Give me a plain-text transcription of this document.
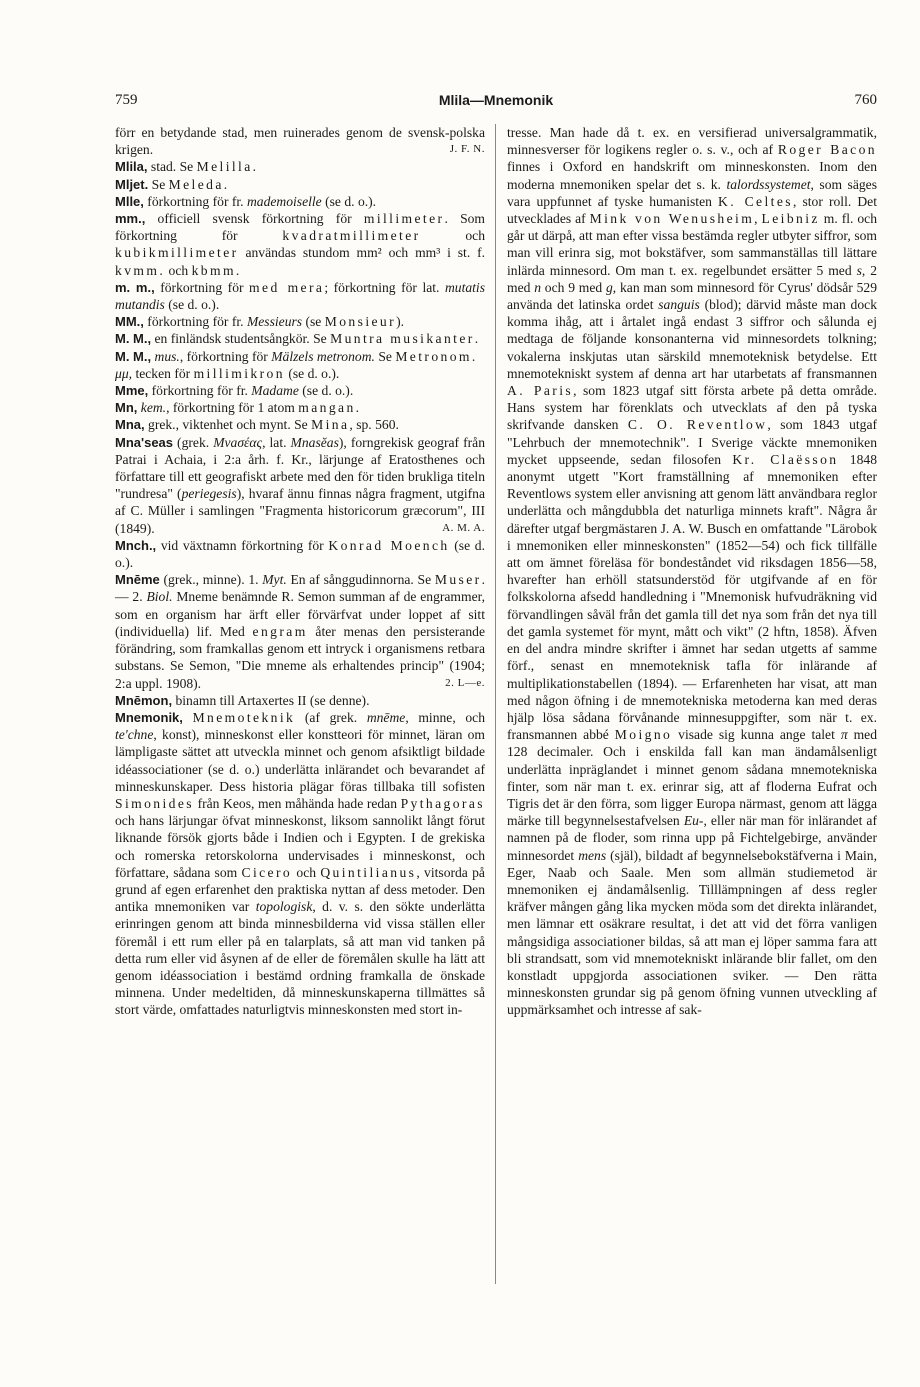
759	Mlila—Mnemonik	760

förr en betydande stad, men ruinerades genom de svensk-polska krigen.	J. F. N.

Mlila, stad. Se Melilla.

Mljet. Se Meleda.

Mlle, förkortning för fr. mademoiselle (se d. o.).

mm., officiell svensk förkortning för millimeter. Som förkortning för kvadratmillimeter och kubikmillimeter användas stundom mm² och mm³ i st. f. kvmm. och kbmm.

m. m., förkortning för med mera; förkortning för lat. mutatis mutandis (se d. o.).

MM., förkortning för fr. Messieurs (se Monsieur).

M. M., en finländsk studentsångkör. Se Muntra musikanter.

M. M., mus., förkortning för Mälzels metronom. Se Metronom.

μμ, tecken för millimikron (se d. o.).

Mme, förkortning för fr. Madame (se d. o.).

Mn, kem., förkortning för 1 atom mangan.

Mna, grek., viktenhet och mynt. Se Mina, sp. 560.

Mna'seas (grek. Mvaσέας, lat. Mnasĕas), forngrekisk geograf från Patrai i Achaia, i 2:a årh. f. Kr., lärjunge af Eratosthenes och författare till ett geografiskt arbete med den för tiden brukliga titeln "rundresa" (periegesis), hvaraf ännu finnas några fragment, utgifna af C. Müller i samlingen "Fragmenta historicorum græcorum", III (1849).	A. M. A.

Mnch., vid växtnamn förkortning för Konrad Moench (se d. o.).

Mnēme (grek., minne). 1. Myt. En af sånggudinnorna. Se Muser. — 2. Biol. Mneme benämnde R. Semon summan af de engrammer, som en organism har ärft eller förvärfvat under loppet af sitt (individuella) lif. Med engram åter menas den persisterande förändring, som framkallas genom ett intryck i organismens retbara substans. Se Semon, "Die mneme als erhaltendes princip" (1904; 2:a uppl. 1908).	2. L—e.

Mnēmon, binamn till Artaxertes II (se denne).

Mnemonik, Mnemoteknik (af grek. mnēme, minne, och te'chne, konst), minneskonst eller konstteori för minnet, läran om lämpligaste sättet att utveckla minnet och genom afsiktligt bildade idéassociationer (se d. o.) underlätta inlärandet och bevarandet af minneskunskaper. Dess historia plägar föras tillbaka till sofisten Simonides från Keos, men måhända hade redan Pythagoras och hans lärjungar öfvat minneskonst, liksom sannolikt långt förut liknande försök gjorts både i Indien och i Egypten. I de grekiska och romerska retorskolorna undervisades i minneskonst, och författare, sådana som Cicero och Quintilianus, vitsorda på grund af egen erfarenhet den praktiska nyttan af dess metoder. Den antika mnemoniken var topologisk, d. v. s. den sökte underlätta erinringen genom att binda minnesbilderna vid vissa ställen eller föremål i ett rum eller på en talarplats, så att man vid tanken på detta rum eller vid åsynen af de eller de föremålen skulle ha lätt att genom idéassociation i bestämd ordning framkalla de önskade minnena. Under medeltiden, då minneskunskaperna tillmättes så stort värde, omfattades naturligtvis minneskonsten med stort in-

tresse. Man hade då t. ex. en versifierad universalgrammatik, minnesverser för logikens regler o. s. v., och af Roger Bacon finnes i Oxford en handskrift om minneskonsten. Inom den moderna mnemoniken spelar det s. k. talordssystemet, som säges vara uppfunnet af tyske humanisten K. Celtes, stor roll. Det utvecklades af Mink von Wenusheim, Leibniz m. fl. och går ut därpå, att man efter vissa bestämda regler utbyter siffror, som man vill erinra sig, mot bokstäfver, som sammanställas till lättare inlärda minnesord. Om man t. ex. regelbundet ersätter 5 med s, 2 med n och 9 med g, kan man som minnesord för Cyrus' dödsår 529 använda det latinska ordet sanguis (blod); därvid måste man dock komma ihåg, att i årtalet ingå endast 3 siffror och sålunda ej medtaga de följande konsonanterna vid minnesordets tolkning; vokalerna inskjutas utan särskild mnemoteknisk betydelse. Ett mnemotekniskt system af denna art har utarbetats af fransmannen A. Paris, som 1823 utgaf sitt första arbete på detta område. Hans system har förenklats och utvecklats af den på tyska skrifvande dansken C. O. Reventlow, som 1843 utgaf "Lehrbuch der mnemotechnik". I Sverige väckte mnemoniken mycket uppseende, sedan filosofen Kr. Claësson 1848 anonymt utgett "Kort framställning af mnemoniken efter Reventlows system eller anvisning att genom lätt användbara reglor underlätta och mångdubbla det naturliga minnets kraft". Några år därefter utgaf bergmästaren J. A. W. Busch en omfattande "Lärobok i mnemoniken eller minneskonsten" (1852—54) och fick tillfälle att om ämnet föreläsa för bondeståndet vid riksdagen 1856—58, hvarefter han erhöll statsunderstöd för utgifvande af en för folkskolorna afsedd handledning i "Mnemonisk hufvudräkning vid förvandlingen såväl från det gamla till det nya som från det nya till det gamla systemet för mynt, mått och vikt" (2 hftn, 1858). Äfven en del andra mindre skrifter i ämnet har sedan utgetts af samme förf., senast en mnemoteknisk tafla för inlärande af multiplikationstabellen (1894). — Erfarenheten har visat, att man med någon öfning i de mnemotekniska metoderna kan med deras hjälp lösa sådana förvånande minnesuppgifter, som när t. ex. fransmannen abbé Moigno visade sig kunna ange talet π med 128 decimaler. Och i enskilda fall kan man ändamålsenligt underlätta inpräglandet i minnet genom sådana mnemotekniska finter, som när man t. ex. erinrar sig, att af floderna Eufrat och Tigris det är den förra, som ligger Europa närmast, genom att lägga märke till begynnelsestafvelsen Eu-, eller när man för inlärandet af namnen på de floder, som rinna upp på Fichtelgebirge, använder minnesordet mens (själ), bildadt af begynnelsebokstäfverna i Main, Eger, Naab och Saale. Men som allmän studiemetod är mnemoniken ej ändamålsenlig. Tilllämpningen af dess regler kräfver mången gång lika mycken möda som det direkta inlärandet, men lämnar ett osäkrare resultat, i det att vid det förra vanligen mångsidiga associationer bildas, så att man ej löper samma fara att bli strandsatt, som vid mnemotekniskt inlärande blir fallet, om den konstladt uppgjorda associationen sviker. — Den rätta minneskonsten grundar sig på genom öfning vunnen utveckling af uppmärksamhet och intresse af sak-
